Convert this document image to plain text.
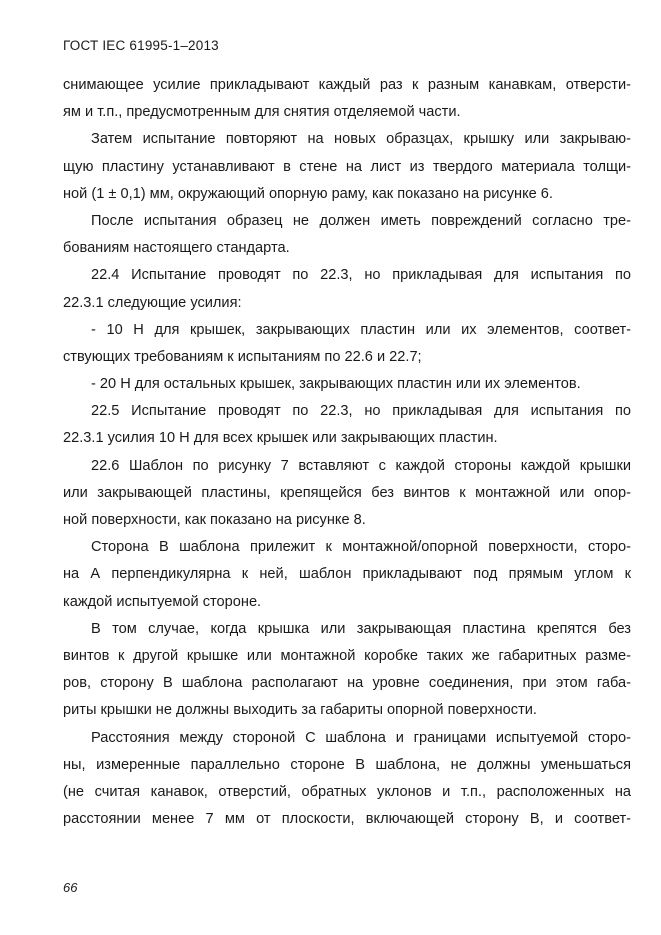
ГОСТ IEC 61995-1–2013
снимающее усилие прикладывают каждый раз к разным канавкам, отверсти-
ям и т.п., предусмотренным для снятия отделяемой части.
Затем испытание повторяют на новых образцах, крышку или закрываю-
щую пластину устанавливают в стене на лист из твердого материала толщи-
ной (1 ± 0,1) мм, окружающий опорную раму, как показано на рисунке 6.
После испытания образец не должен иметь повреждений согласно тре-
бованиям настоящего стандарта.
22.4 Испытание проводят по 22.3, но прикладывая для испытания по
22.3.1 следующие усилия:
- 10 Н для крышек, закрывающих пластин или их элементов, соответ-
ствующих требованиям к испытаниям по 22.6 и 22.7;
- 20 Н для остальных крышек, закрывающих пластин или их элементов.
22.5 Испытание проводят по 22.3, но прикладывая для испытания по
22.3.1 усилия 10 Н для всех крышек или закрывающих пластин.
22.6 Шаблон по рисунку 7 вставляют с каждой стороны каждой крышки
или закрывающей пластины, крепящейся без винтов к монтажной или опор-
ной поверхности, как показано на рисунке 8.
Сторона В шаблона прилежит к монтажной/опорной поверхности, сторо-
на А перпендикулярна к ней, шаблон прикладывают под прямым углом к
каждой испытуемой стороне.
В том случае, когда крышка или закрывающая пластина крепятся без
винтов к другой крышке или монтажной коробке таких же габаритных разме-
ров, сторону В шаблона располагают на уровне соединения, при этом габа-
риты крышки не должны выходить за габариты опорной поверхности.
Расстояния между стороной С шаблона и границами испытуемой сторо-
ны, измеренные параллельно стороне В шаблона, не должны уменьшаться
(не считая канавок, отверстий, обратных уклонов и т.п., расположенных на
расстоянии менее 7 мм от плоскости, включающей сторону В, и соответ-
66
